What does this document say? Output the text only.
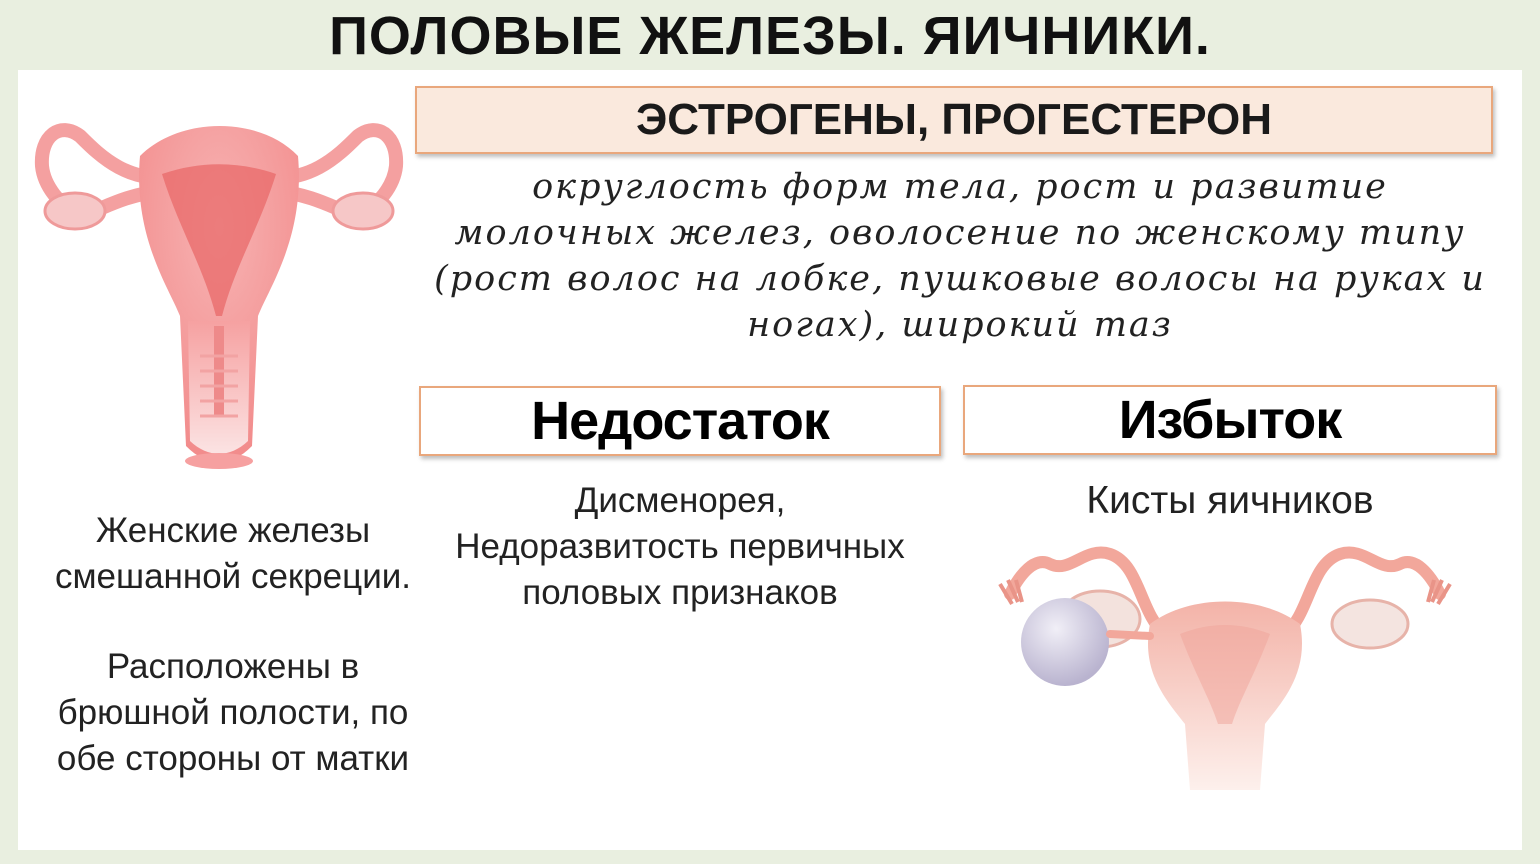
ПОЛОВЫЕ ЖЕЛЕЗЫ. ЯИЧНИКИ.
ЭСТРОГЕНЫ, ПРОГЕСТЕРОН
округлость форм тела, рост и развитие
молочных желез, оволосение по женскому типу
(рост волос на лобке, пушковые волосы на руках и
ногах), широкий таз
Недостаток	Избыток
Дисменорея,
Недоразвитость первичных
половых признаков
Кисты яичников
Женские железы
смешанной секреции.
Расположены в
брюшной полости, по
обе стороны от матки
